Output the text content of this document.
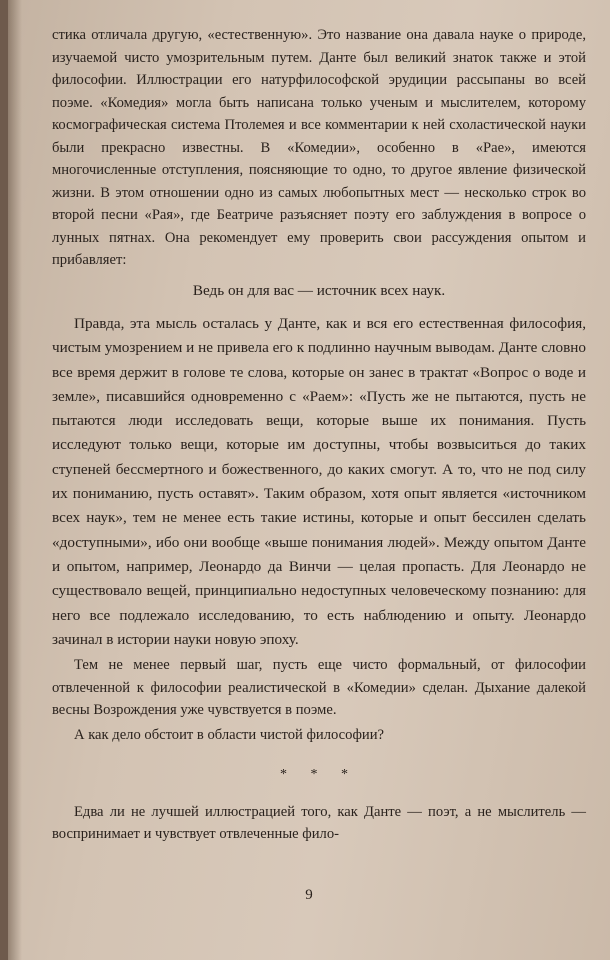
стика отличала другую, «естественную». Это название она давала науке о природе, изучаемой чисто умозрительным путем. Данте был великий знаток также и этой философии. Иллюстрации его натурфилософской эрудиции рассыпаны во всей поэме. «Комедия» могла быть написана только ученым и мыслителем, которому космографическая система Птолемея и все комментарии к ней схоластической науки были прекрасно известны. В «Комедии», особенно в «Рае», имеются многочисленные отступления, поясняющие то одно, то другое явление физической жизни. В этом отношении одно из самых любопытных мест — несколько строк во второй песни «Рая», где Беатриче разъясняет поэту его заблуждения в вопросе о лунных пятнах. Она рекомендует ему проверить свои рассуждения опытом и прибавляет:

Ведь он для вас — источник всех наук.

Правда, эта мысль осталась у Данте, как и вся его естественная философия, чистым умозрением и не привела его к подлинно научным выводам. Данте словно все время держит в голове те слова, которые он занес в трактат «Вопрос о воде и земле», писавшийся одновременно с «Раем»: «Пусть же не пытаются, пусть не пытаются люди исследовать вещи, которые выше их понимания. Пусть исследуют только вещи, которые им доступны, чтобы возвыситься до таких ступеней бессмертного и божественного, до каких смогут. А то, что не под силу их пониманию, пусть оставят». Таким образом, хотя опыт является «источником всех наук», тем не менее есть такие истины, которые и опыт бессилен сделать «доступными», ибо они вообще «выше понимания людей». Между опытом Данте и опытом, например, Леонардо да Винчи — целая пропасть. Для Леонардо не существовало вещей, принципиально недоступных человеческому познанию: для него все подлежало исследованию, то есть наблюдению и опыту. Леонардо зачинал в истории науки новую эпоху.

Тем не менее первый шаг, пусть еще чисто формальный, от философии отвлеченной к философии реалистической в «Комедии» сделан. Дыхание далекой весны Возрождения уже чувствуется в поэме.

А как дело обстоит в области чистой философии?

* * *

Едва ли не лучшей иллюстрацией того, как Данте — поэт, а не мыслитель — воспринимает и чувствует отвлеченные фило-

9
